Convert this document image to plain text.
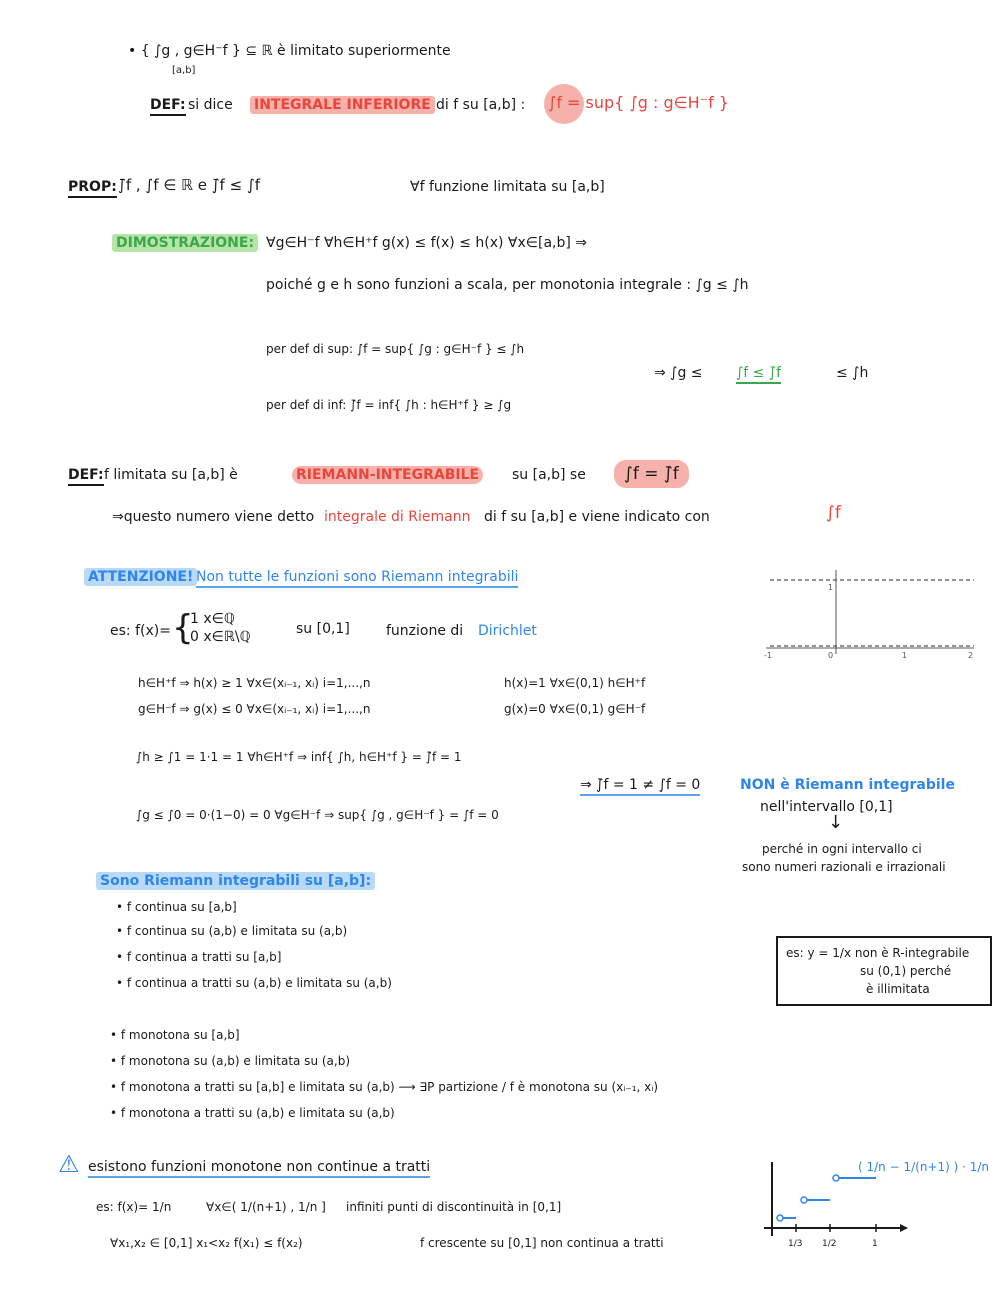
• { ∫g , g∈H⁻f } ⊆ ℝ è limitato superiormente
[a,b]
DEF: si dice INTEGRALE INFERIORE di f su [a,b] : ∫f = sup{ ∫g : g∈H⁻f }
PROP: ∫̄f , ∫f ∈ ℝ e ∫̄f ≤ ∫f	∀f funzione limitata su [a,b]
DIMOSTRAZIONE: ∀g∈H⁻f ∀h∈H⁺f g(x) ≤ f(x) ≤ h(x) ∀x∈[a,b] ⇒
poiché g e h sono funzioni a scala, per monotonia integrale : ∫g ≤ ∫h
per def di sup: ∫f = sup{ ∫g : g∈H⁻f } ≤ ∫h
per def di inf: ∫̄f = inf{ ∫h : h∈H⁺f } ≥ ∫g
⇒ ∫g ≤ ∫f ≤ ∫̄f	≤ ∫h
DEF: f limitata su [a,b] è	RIEMANN-INTEGRABILE su [a,b] se	∫f = ∫̄f
⇒questo numero viene detto integrale di Riemann di f su [a,b] e viene indicato con	∫f
ATTENZIONE! Non tutte le funzioni sono Riemann integrabili
es: f(x)= {
1 x∈ℚ
0 x∈ℝ\ℚ	su [0,1]	funzione di Dirichlet
h∈H⁺f ⇒ h(x) ≥ 1 ∀x∈(xᵢ₋₁, xᵢ) i=1,...,n
g∈H⁻f ⇒ g(x) ≤ 0 ∀x∈(xᵢ₋₁, xᵢ) i=1,...,n
h(x)=1 ∀x∈(0,1) h∈H⁺f
g(x)=0 ∀x∈(0,1) g∈H⁻f
∫h ≥ ∫1 = 1·1 = 1 ∀h∈H⁺f ⇒ inf{ ∫h, h∈H⁺f } = ∫̄f = 1
∫g ≤ ∫0 = 0·(1−0) = 0 ∀g∈H⁻f ⇒ sup{ ∫g , g∈H⁻f } = ∫f = 0
⇒ ∫̄f = 1 ≠ ∫f = 0	NON è Riemann integrabile
nell'intervallo [0,1]
↓
perché in ogni intervallo ci
sono numeri razionali e irrazionali
-1	0	1	2
1
Sono Riemann integrabili su [a,b]:
• f continua su [a,b]
• f continua su (a,b) e limitata su (a,b)
• f continua a tratti su [a,b]
• f continua a tratti su (a,b) e limitata su (a,b)
es: y = 1/x non è R-integrabile
su (0,1) perché
è illimitata
• f monotona su [a,b]
• f monotona su (a,b) e limitata su (a,b)
• f monotona a tratti su [a,b] e limitata su (a,b) ⟶ ∃P partizione / f è monotona su (xᵢ₋₁, xᵢ)
• f monotona a tratti su (a,b) e limitata su (a,b)
⚠ esistono funzioni monotone non continue a tratti
es: f(x)= 1/n	∀x∈( 1/(n+1) , 1/n ] infiniti punti di discontinuità in [0,1]
∀x₁,x₂ ∈ [0,1] x₁<x₂ f(x₁) ≤ f(x₂)	f crescente su [0,1] non continua a tratti
( 1/n − 1/(n+1) ) · 1/n
1/3 1/2	1
